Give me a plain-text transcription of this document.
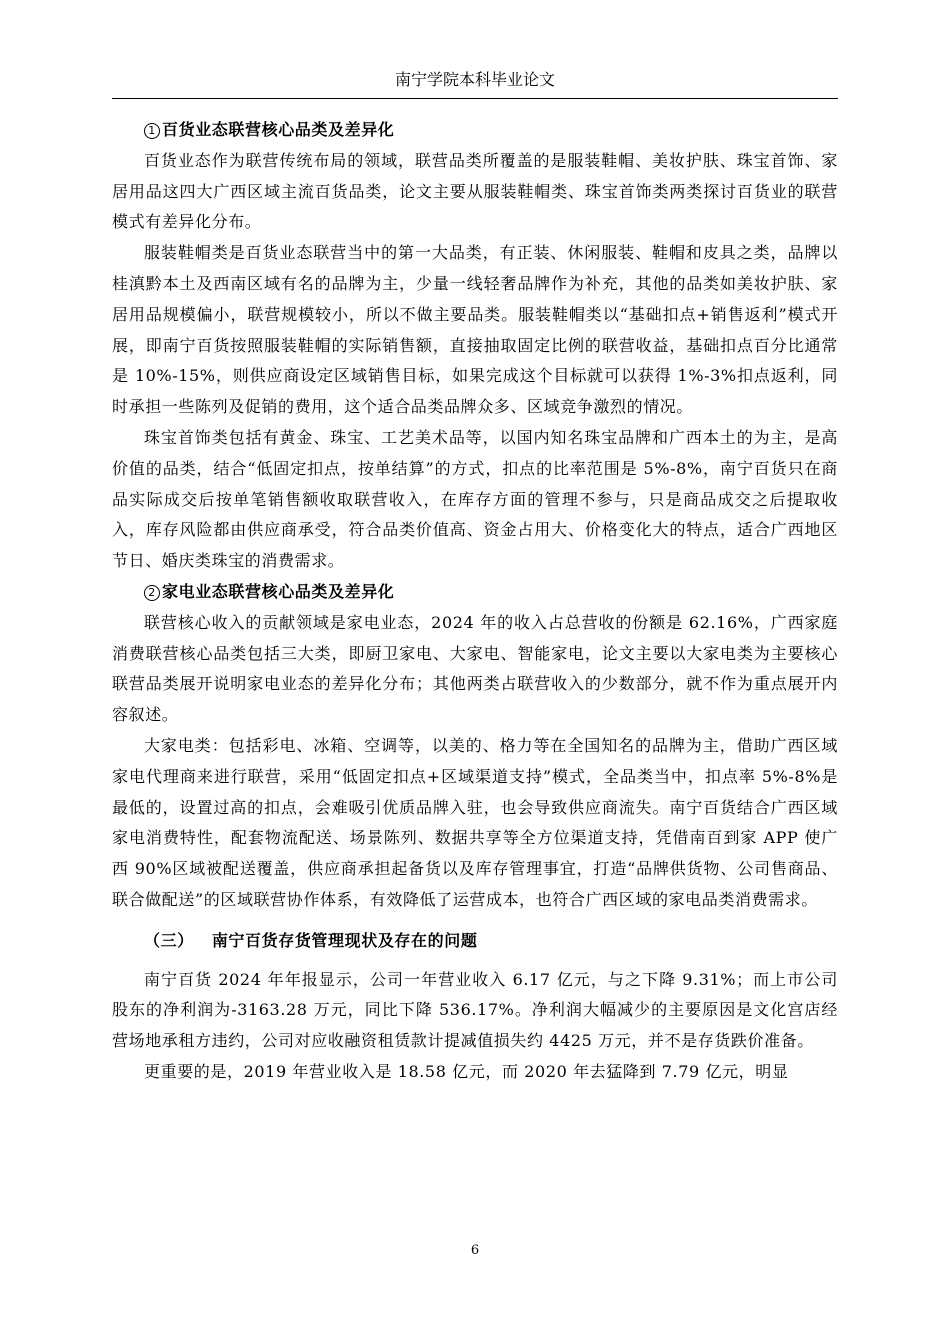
南宁学院本科毕业论文

1 百货业态联营核心品类及差异化

百货业态作为联营传统布局的领域，联营品类所覆盖的是服装鞋帽、美妆护肤、珠宝首饰、家居用品这四大广西区域主流百货品类，论文主要从服装鞋帽类、珠宝首饰类两类探讨百货业的联营模式有差异化分布。

服装鞋帽类是百货业态联营当中的第一大品类，有正装、休闲服装、鞋帽和皮具之类，品牌以桂滇黔本土及西南区域有名的品牌为主，少量一线轻奢品牌作为补充，其他的品类如美妆护肤、家居用品规模偏小，联营规模较小，所以不做主要品类。服装鞋帽类以“基础扣点+销售返利”模式开展，即南宁百货按照服装鞋帽的实际销售额，直接抽取固定比例的联营收益，基础扣点百分比通常是 10%-15%，则供应商设定区域销售目标，如果完成这个目标就可以获得 1%-3%扣点返利，同时承担一些陈列及促销的费用，这个适合品类品牌众多、区域竞争激烈的情况。

珠宝首饰类包括有黄金、珠宝、工艺美术品等，以国内知名珠宝品牌和广西本土的为主，是高价值的品类，结合“低固定扣点，按单结算”的方式，扣点的比率范围是 5%-8%，南宁百货只在商品实际成交后按单笔销售额收取联营收入，在库存方面的管理不参与，只是商品成交之后提取收入，库存风险都由供应商承受，符合品类价值高、资金占用大、价格变化大的特点，适合广西地区节日、婚庆类珠宝的消费需求。

2 家电业态联营核心品类及差异化

联营核心收入的贡献领域是家电业态，2024 年的收入占总营收的份额是 62.16%，广西家庭消费联营核心品类包括三大类，即厨卫家电、大家电、智能家电，论文主要以大家电类为主要核心联营品类展开说明家电业态的差异化分布；其他两类占联营收入的少数部分，就不作为重点展开内容叙述。

大家电类：包括彩电、冰箱、空调等，以美的、格力等在全国知名的品牌为主，借助广西区域家电代理商来进行联营，采用“低固定扣点+区域渠道支持”模式，全品类当中，扣点率 5%-8%是最低的，设置过高的扣点，会难吸引优质品牌入驻，也会导致供应商流失。南宁百货结合广西区域家电消费特性，配套物流配送、场景陈列、数据共享等全方位渠道支持，凭借南百到家 APP 使广西 90%区域被配送覆盖，供应商承担起备货以及库存管理事宜，打造“品牌供货物、公司售商品、联合做配送”的区域联营协作体系，有效降低了运营成本，也符合广西区域的家电品类消费需求。

（三） 南宁百货存货管理现状及存在的问题

南宁百货 2024 年年报显示，公司一年营业收入 6.17 亿元，与之下降 9.31%；而上市公司股东的净利润为-3163.28 万元，同比下降 536.17%。净利润大幅减少的主要原因是文化宫店经营场地承租方违约，公司对应收融资租赁款计提减值损失约 4425 万元，并不是存货跌价准备。

更重要的是，2019 年营业收入是 18.58 亿元，而 2020 年去猛降到 7.79 亿元，明显

6
